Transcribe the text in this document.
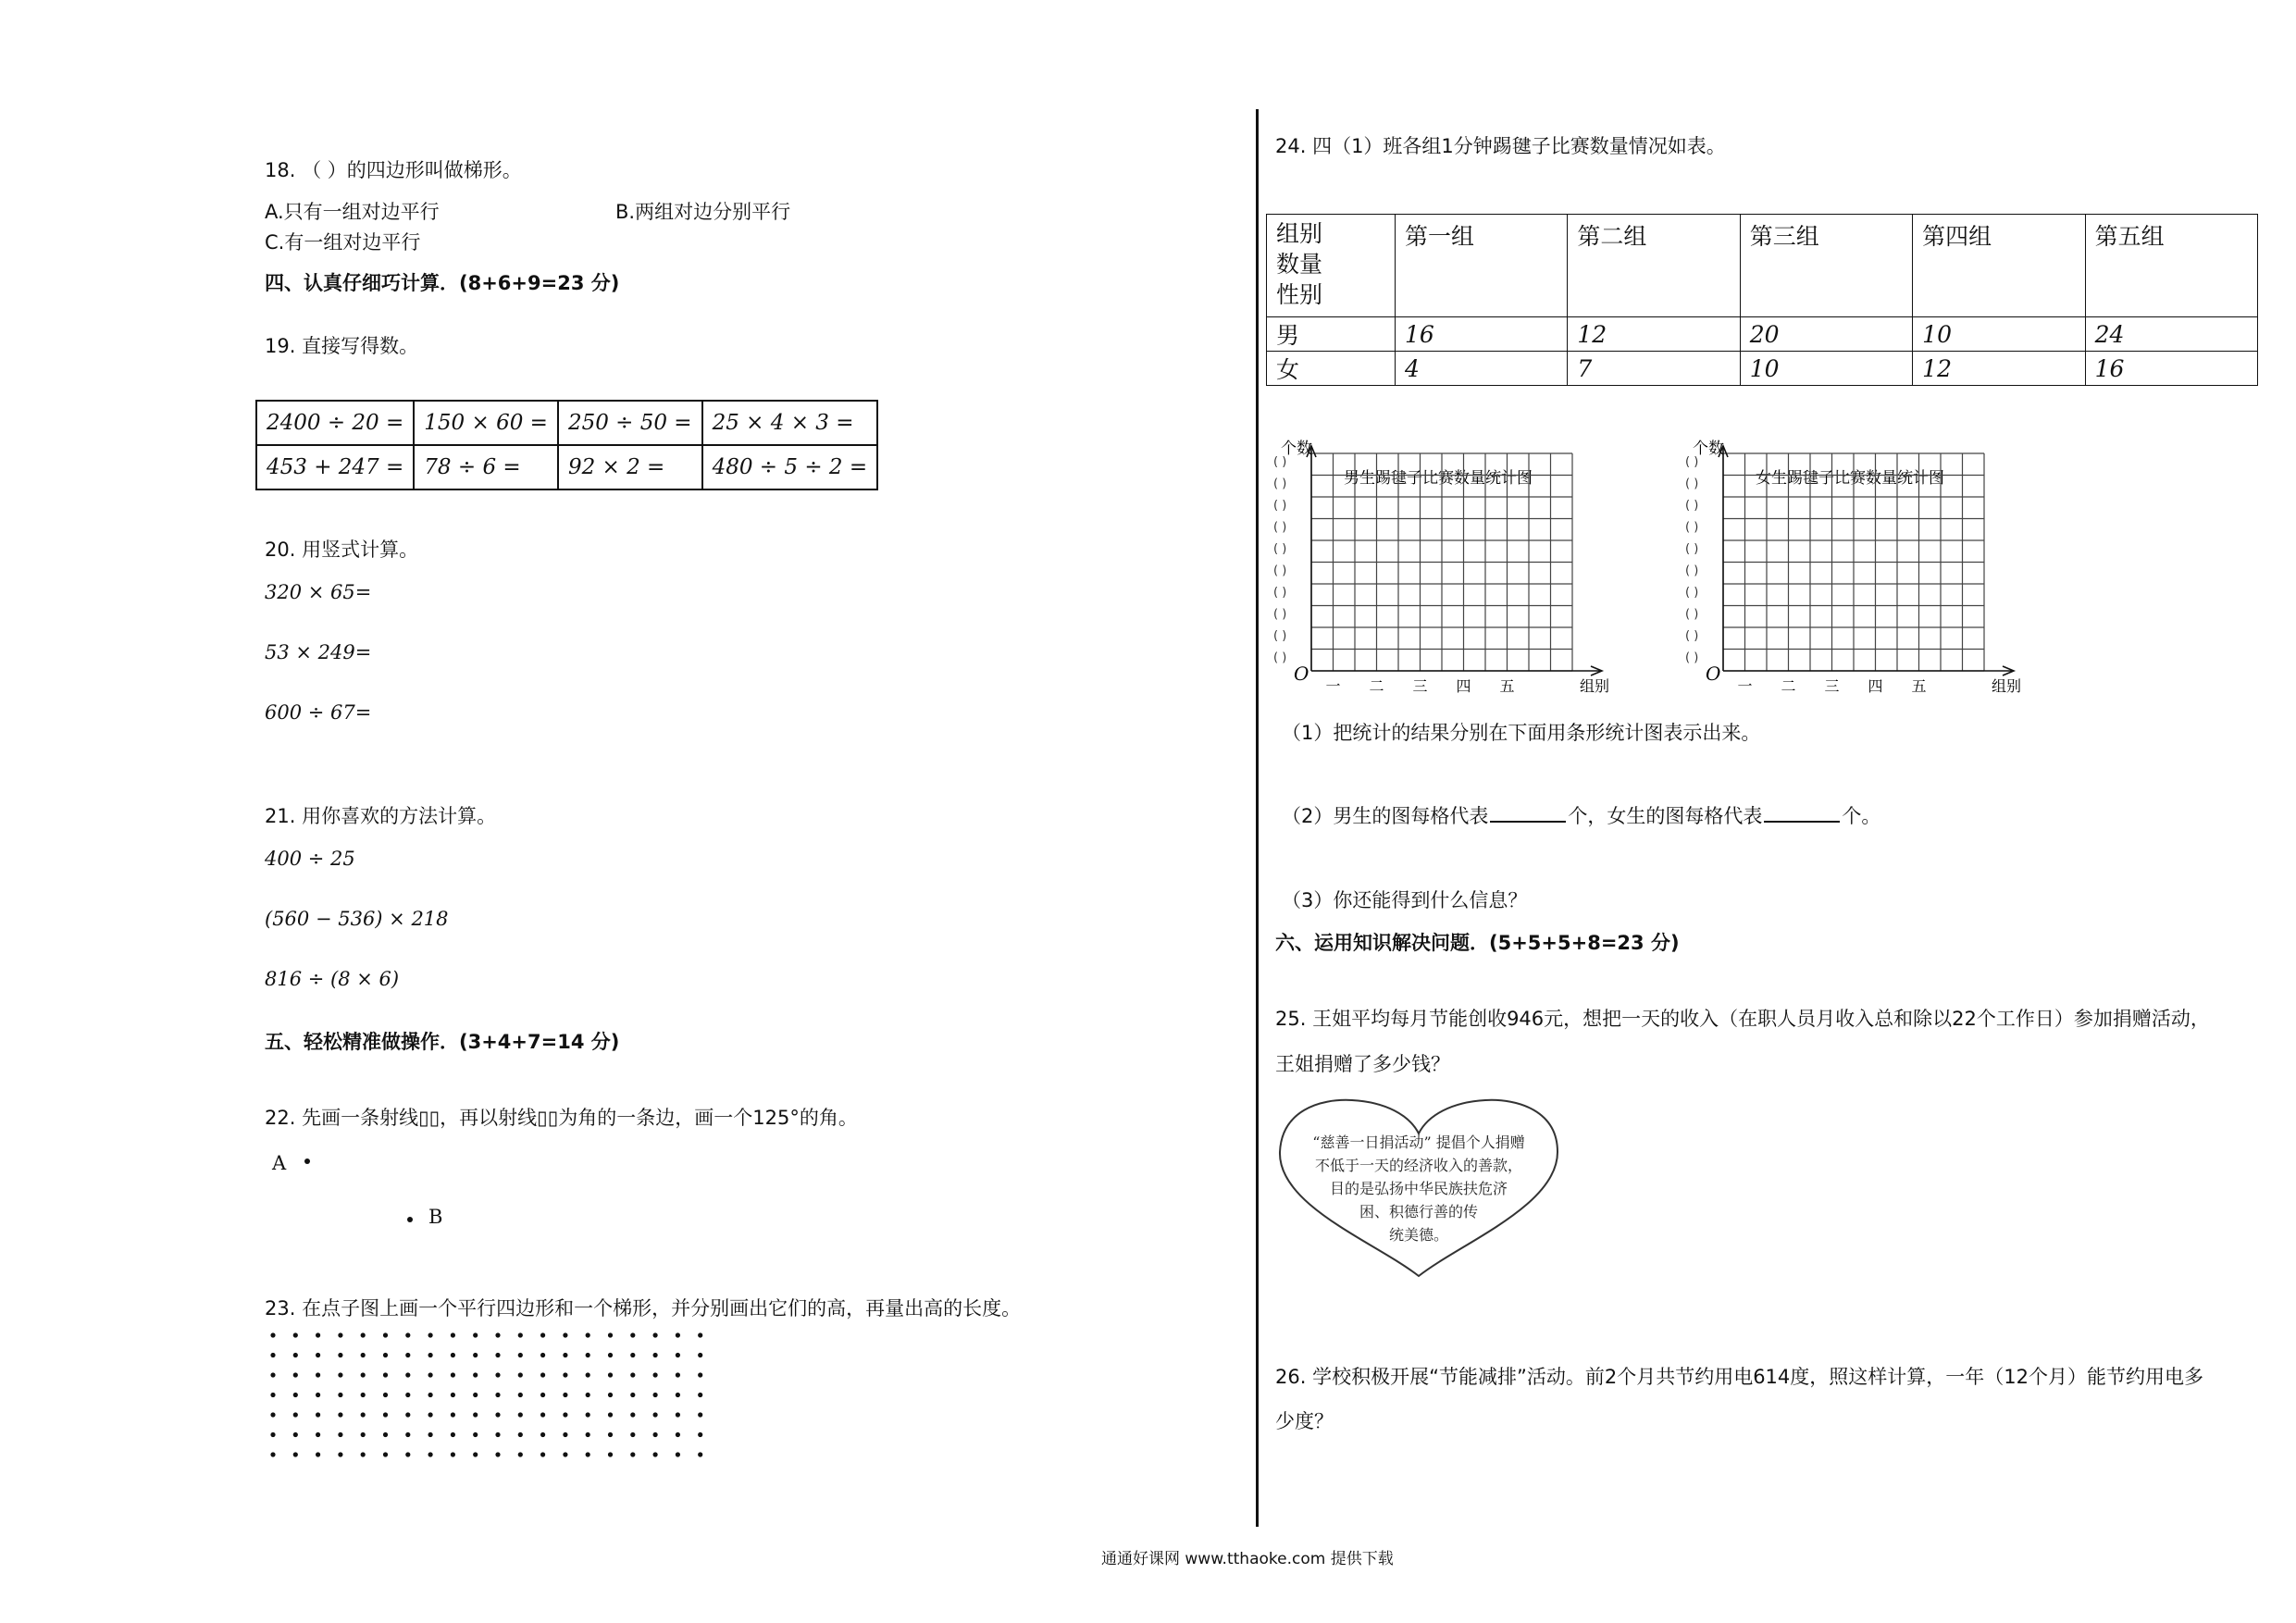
18. （ ）的四边形叫做梯形。
A.只有一组对边平行	B.两组对边分别平行
C.有一组对边平行
四、认真仔细巧计算．(8+6+9=23 分)
19. 直接写得数。
2400 ÷ 20 =	150 × 60 =	250 ÷ 50 =	25 × 4 × 3 =
453 + 247 =	78 ÷ 6 =	92 × 2 =	480 ÷ 5 ÷ 2 =
20. 用竖式计算。
320 × 65=
53 × 249=
600 ÷ 67=
21. 用你喜欢的方法计算。
400 ÷ 25
(560 − 536) × 218
816 ÷ (8 × 6)
五、轻松精准做操作．(3+4+7=14 分)
22. 先画一条射线▯▯，再以射线▯▯为角的一条边，画一个125°的角。
A
B
23. 在点子图上画一个平行四边形和一个梯形，并分别画出它们的高，再量出高的长度。
24. 四（1）班各组1分钟踢毽子比赛数量情况如表。
组别
数量
性别	第一组	第二组	第三组	第四组	第五组
男	16	12	20	10	24
女	4	7	10	12	16
个数
男生踢毽子比赛数量统计图
O
( )
( )
( )
( )
( )
( )
( )
( )
( )
( )
一 二 三 四 五	组别
个数
女生踢毽子比赛数量统计图
O
( )
( )
( )
( )
( )
( )
( )
( )
( )
( )
一 二 三 四 五	组别
（1）把统计的结果分别在下面用条形统计图表示出来。
（2）男生的图每格代表	个，女生的图每格代表	个。
（3）你还能得到什么信息？
六、运用知识解决问题．(5+5+5+8=23 分)
25. 王姐平均每月节能创收946元，想把一天的收入（在职人员月收入总和除以22个工作日）参加捐赠活动，
王姐捐赠了多少钱？
“慈善一日捐活动” 提倡个人捐赠
不低于一天的经济收入的善款，
目的是弘扬中华民族扶危济
困、积德行善的传
统美德。
26. 学校积极开展“节能减排”活动。前2个月共节约用电614度，照这样计算，一年（12个月）能节约用电多
少度？
通通好课网 www.tthaoke.com 提供下载
